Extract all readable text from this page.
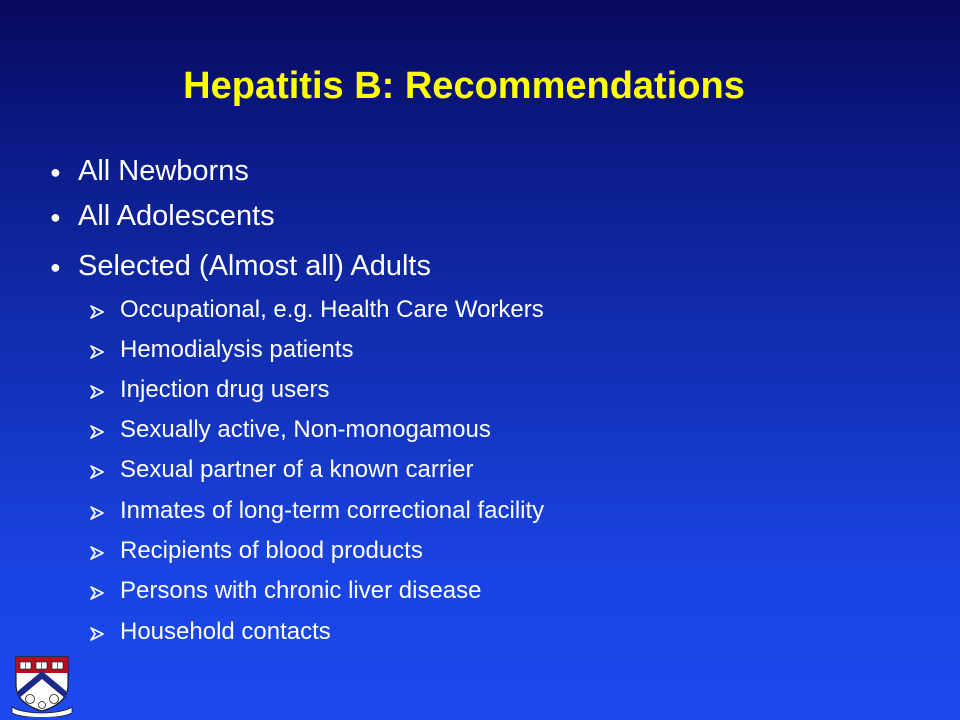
Hepatitis B: Recommendations
● All Newborns
● All Adolescents
● Selected (Almost all) Adults
Occupational, e.g. Health Care Workers
Hemodialysis patients
Injection drug users
Sexually active, Non-monogamous
Sexual partner of a known carrier
Inmates of long-term correctional facility
Recipients of blood products
Persons with chronic liver disease
Household contacts
